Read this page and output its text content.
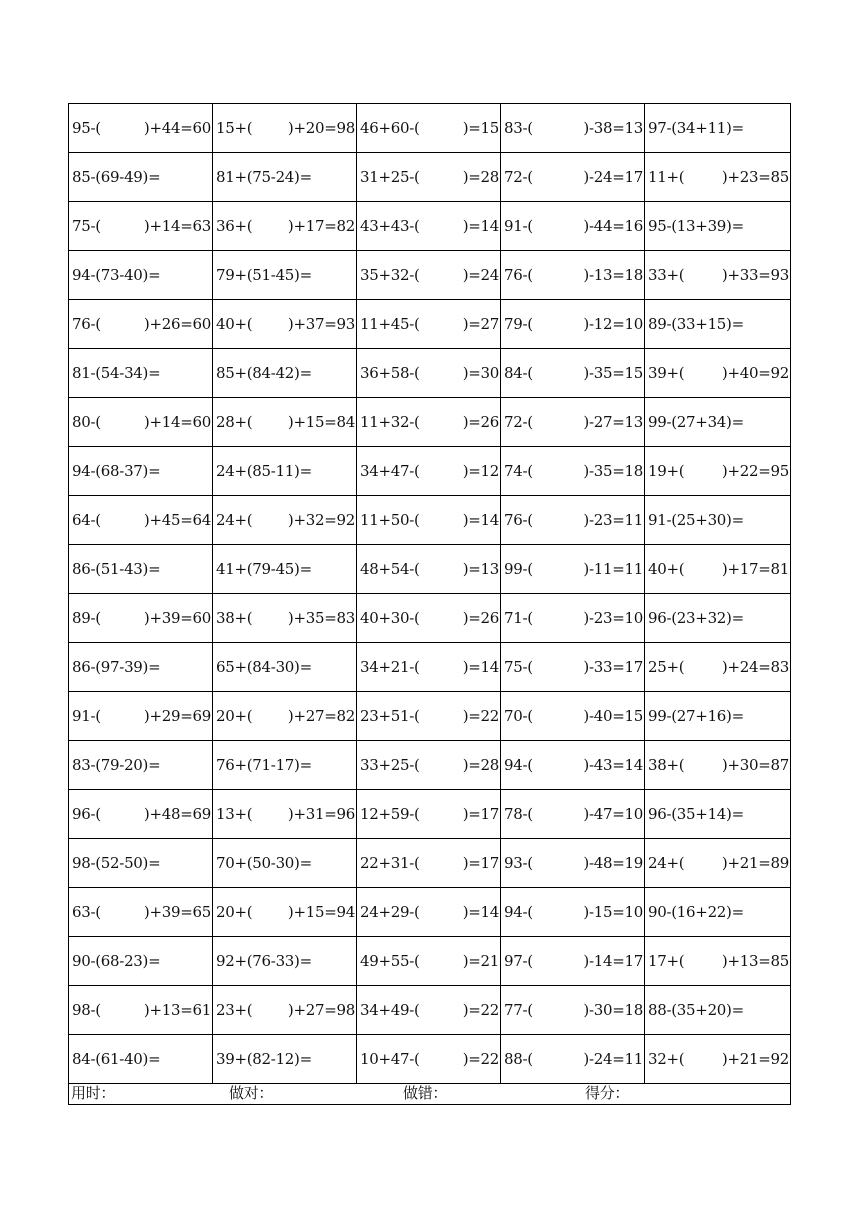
95-( )+44=60	15+( )+20=98	46+60-( )=15	83-( )-38=13	97-(34+11)=

85-(69-49)=	81+(75-24)=	31+25-( )=28	72-( )-24=17	11+( )+23=85

75-( )+14=63	36+( )+17=82	43+43-( )=14	91-( )-44=16	95-(13+39)=

94-(73-40)=	79+(51-45)=	35+32-( )=24	76-( )-13=18	33+( )+33=93

76-( )+26=60	40+( )+37=93	11+45-( )=27	79-( )-12=10	89-(33+15)=

81-(54-34)=	85+(84-42)=	36+58-( )=30	84-( )-35=15	39+( )+40=92

80-( )+14=60	28+( )+15=84	11+32-( )=26	72-( )-27=13	99-(27+34)=

94-(68-37)=	24+(85-11)=	34+47-( )=12	74-( )-35=18	19+( )+22=95

64-( )+45=64	24+( )+32=92	11+50-( )=14	76-( )-23=11	91-(25+30)=

86-(51-43)=	41+(79-45)=	48+54-( )=13	99-( )-11=11	40+( )+17=81

89-( )+39=60	38+( )+35=83	40+30-( )=26	71-( )-23=10	96-(23+32)=

86-(97-39)=	65+(84-30)=	34+21-( )=14	75-( )-33=17	25+( )+24=83

91-( )+29=69	20+( )+27=82	23+51-( )=22	70-( )-40=15	99-(27+16)=

83-(79-20)=	76+(71-17)=	33+25-( )=28	94-( )-43=14	38+( )+30=87

96-( )+48=69	13+( )+31=96	12+59-( )=17	78-( )-47=10	96-(35+14)=

98-(52-50)=	70+(50-30)=	22+31-( )=17	93-( )-48=19	24+( )+21=89

63-( )+39=65	20+( )+15=94	24+29-( )=14	94-( )-15=10	90-(16+22)=

90-(68-23)=	92+(76-33)=	49+55-( )=21	97-( )-14=17	17+( )+13=85

98-( )+13=61	23+( )+27=98	34+49-( )=22	77-( )-30=18	88-(35+20)=

84-(61-40)=	39+(82-12)=	10+47-( )=22	88-( )-24=11	32+( )+21=92

用时： 做对： 做错： 得分：				
